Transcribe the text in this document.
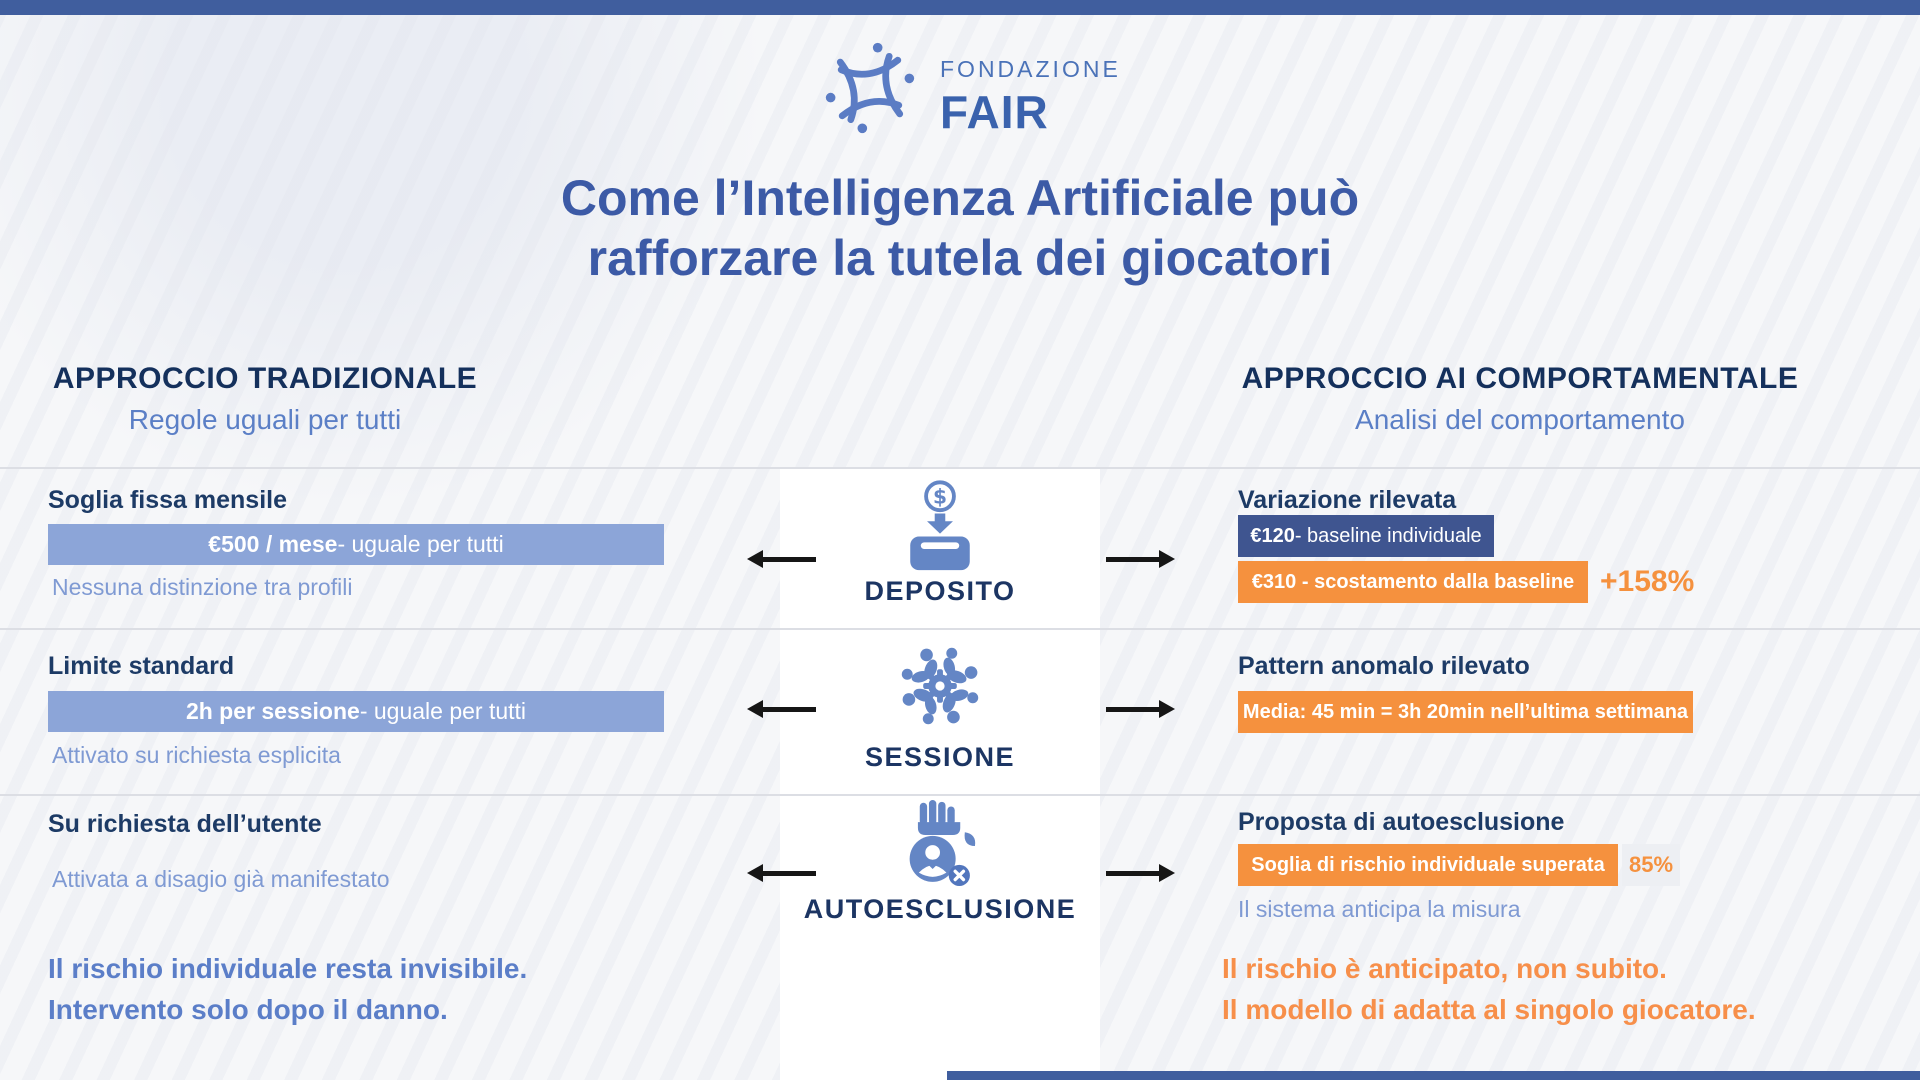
FONDAZIONE
FAIR
Come l’Intelligenza Artificiale può
rafforzare la tutela dei giocatori
APPROCCIO TRADIZIONALE
Regole uguali per tutti
APPROCCIO AI COMPORTAMENTALE
Analisi del comportamento
Soglia fissa mensile
€500 / mese - uguale per tutti
Nessuna distinzione tra profili
$
DEPOSITO
Variazione rilevata
€120 - baseline individuale
€310 - scostamento dalla baseline +158%
Limite standard
2h per sessione - uguale per tutti
Attivato su richiesta esplicita	SESSIONE
Pattern anomalo rilevato
Media: 45 min = 3h 20min nell’ultima settimana
Su richiesta dell’utente
Attivata a disagio già manifestato
AUTOESCLUSIONE
Proposta di autoesclusione
Soglia di rischio individuale superata	85%
Il sistema anticipa la misura
Il rischio individuale resta invisibile.
Intervento solo dopo il danno.
Il rischio è anticipato, non subito.
Il modello di adatta al singolo giocatore.
